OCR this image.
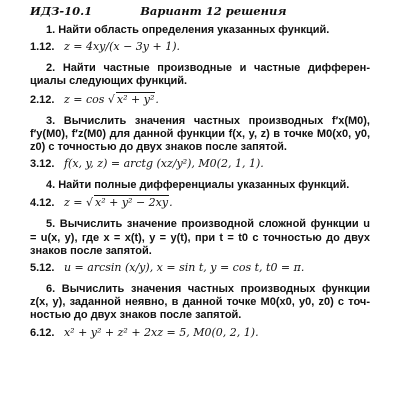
ИДЗ-10.1	Вариант 12 решения
1. Найти область определения указанных функций.
1.12. z = 4xy/(x − 3y + 1).
2. Найти частные производные и частные дифферен- циалы следующих функций.
2.12. z = cos √ x² + y².
3. Вычислить значения частных производных f′x(M0), f′y(M0), f′z(M0) для данной функции f(x, y, z) в точке M0(x0, y0, z0) с точностью до двух знаков после запятой.
3.12. f(x, y, z) = arctg (xz/y²), M0(2, 1, 1).
4. Найти полные дифференциалы указанных функций.
4.12. z = √ x² + y² − 2xy.
5. Вычислить значение производной сложной функции u = u(x, y), где x = x(t), y = y(t), при t = t0 с точностью до двух знаков после запятой.
5.12. u = arcsin (x/y), x = sin t, y = cos t, t0 = π.
6. Вычислить значения частных производных функции z(x, y), заданной неявно, в данной точке M0(x0, y0, z0) с точ- ностью до двух знаков после запятой.
6.12. x² + y² + z² + 2xz = 5, M0(0, 2, 1).
